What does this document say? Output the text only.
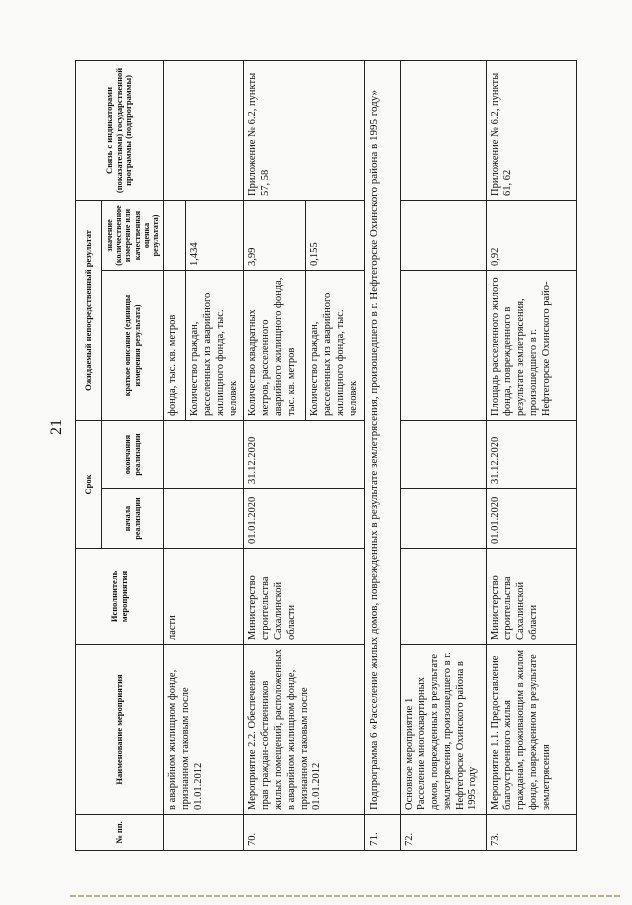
21
№ пп.	Наименование мероприятия	Исполнитель мероприятия	Срок		Ожидаемый непосредственный результат		Связь с индикаторами (показателями) государственной программы (подпрограммы)
			начала реализации	окончания реализации	краткое описание (единицы измерения результата)	значение (количественное измерение или качественная оценка результата)	
	в аварийном жилищном фонде, признанном таковым после 01.01.2012	ласти			фонда, тыс. кв. метров		
					Количество граждан, расселенных из аварийного жилищного фонда, тыс. человек	1,434	
70.	Мероприятие 2.2. Обеспечение прав граждан-собственников жилых помещений, расположенных в аварийном жилищном фонде, признанном таковым после 01.01.2012	Министерство строительства Сахалинской области	01.01.2020	31.12.2020	Количество квадратных метров, расселенного аварийного жилищного фонда, тыс. кв. метров	3,99	Приложение № 6.2, пункты 57, 58
					Количество граждан, расселенных из аварийного жилищного фонда, тыс. человек	0,155	
71.	Подпрограмма 6 «Расселение жилых домов, поврежденных в результате землетрясения, произошедшего в г. Нефтегорске Охинского района в 1995 году»						
72.	Основное мероприятие 1 Расселение многоквартирных домов, поврежденных в результате землетрясения, произошедшего в г. Нефтегорске Охинского района в 1995 году						
73.	Мероприятие 1.1. Предоставление благоустроенного жилья гражданам, проживающим в жилом фонде, поврежденном в результате землетрясения	Министерство строительства Сахалинской области	01.01.2020	31.12.2020	Площадь расселенного жилого фонда, поврежденного в результате землетрясения, произошедшего в г. Нефтегорске Охинского райо-	0,92	Приложение № 6.2, пункты 61, 62
